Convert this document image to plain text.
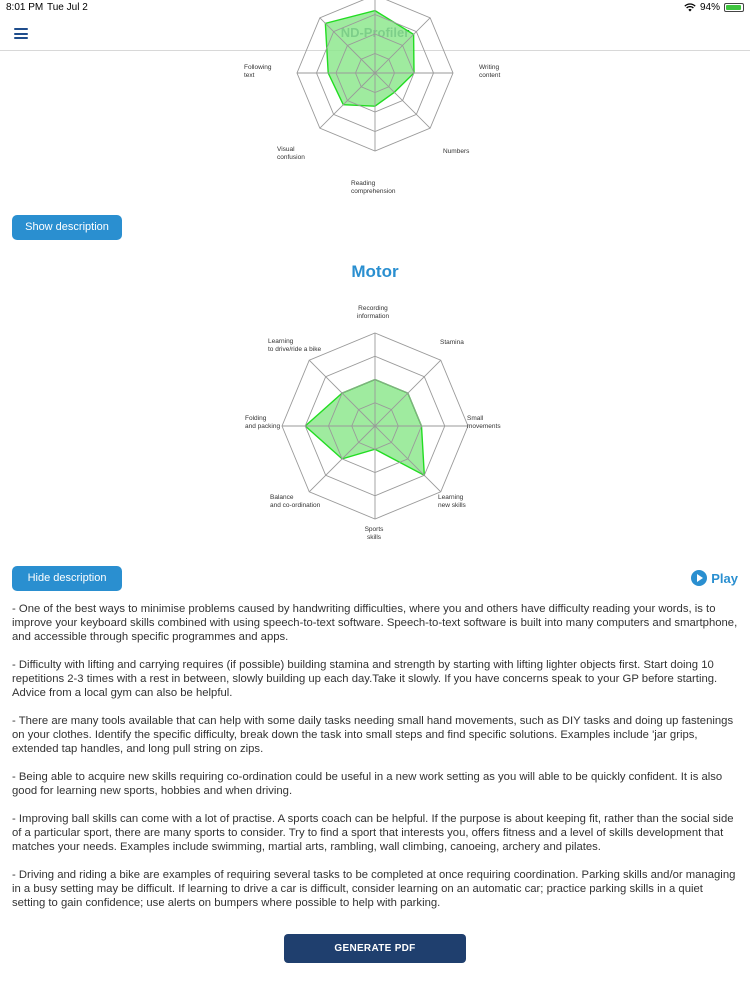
8:01 PM Tue Jul 2	94%
Following text
Writing content
Visual confusion
Numbers
Reading comprehension
Show description
Motor
Recording information
Stamina
Small movements
Learning new skills
Sports skills
Balance and co-ordination
Folding and packing
Learning to drive/ride a bike
Hide description	Play

- One of the best ways to minimise problems caused by handwriting difficulties, where you and others have difficulty reading your words, is to improve your keyboard skills combined with using speech-to-text software. Speech-to-text software is built into many computers and smartphone, and accessible through specific programmes and apps.

- Difficulty with lifting and carrying requires (if possible) building stamina and strength by starting with lifting lighter objects first. Start doing 10 repetitions 2-3 times with a rest in between, slowly building up each day.Take it slowly. If you have concerns speak to your GP before starting. Advice from a local gym can also be helpful.

- There are many tools available that can help with some daily tasks needing small hand movements, such as DIY tasks and doing up fastenings on your clothes. Identify the specific difficulty, break down the task into small steps and find specific solutions. Examples include 'jar grips, extended tap handles, and long pull string on zips.

- Being able to acquire new skills requiring co-ordination could be useful in a new work setting as you will able to be quickly confident. It is also good for learning new sports, hobbies and when driving.

- Improving ball skills can come with a lot of practise. A sports coach can be helpful. If the purpose is about keeping fit, rather than the social side of a particular sport, there are many sports to consider. Try to find a sport that interests you, offers fitness and a level of skills development that matches your needs. Examples include swimming, martial arts, rambling, wall climbing, canoeing, archery and pilates.

- Driving and riding a bike are examples of requiring several tasks to be completed at once requiring coordination. Parking skills and/or managing in a busy setting may be difficult. If learning to drive a car is difficult, consider learning on an automatic car; practice parking skills in a quiet setting to gain confidence; use alerts on bumpers where possible to help with parking.

GENERATE PDF
